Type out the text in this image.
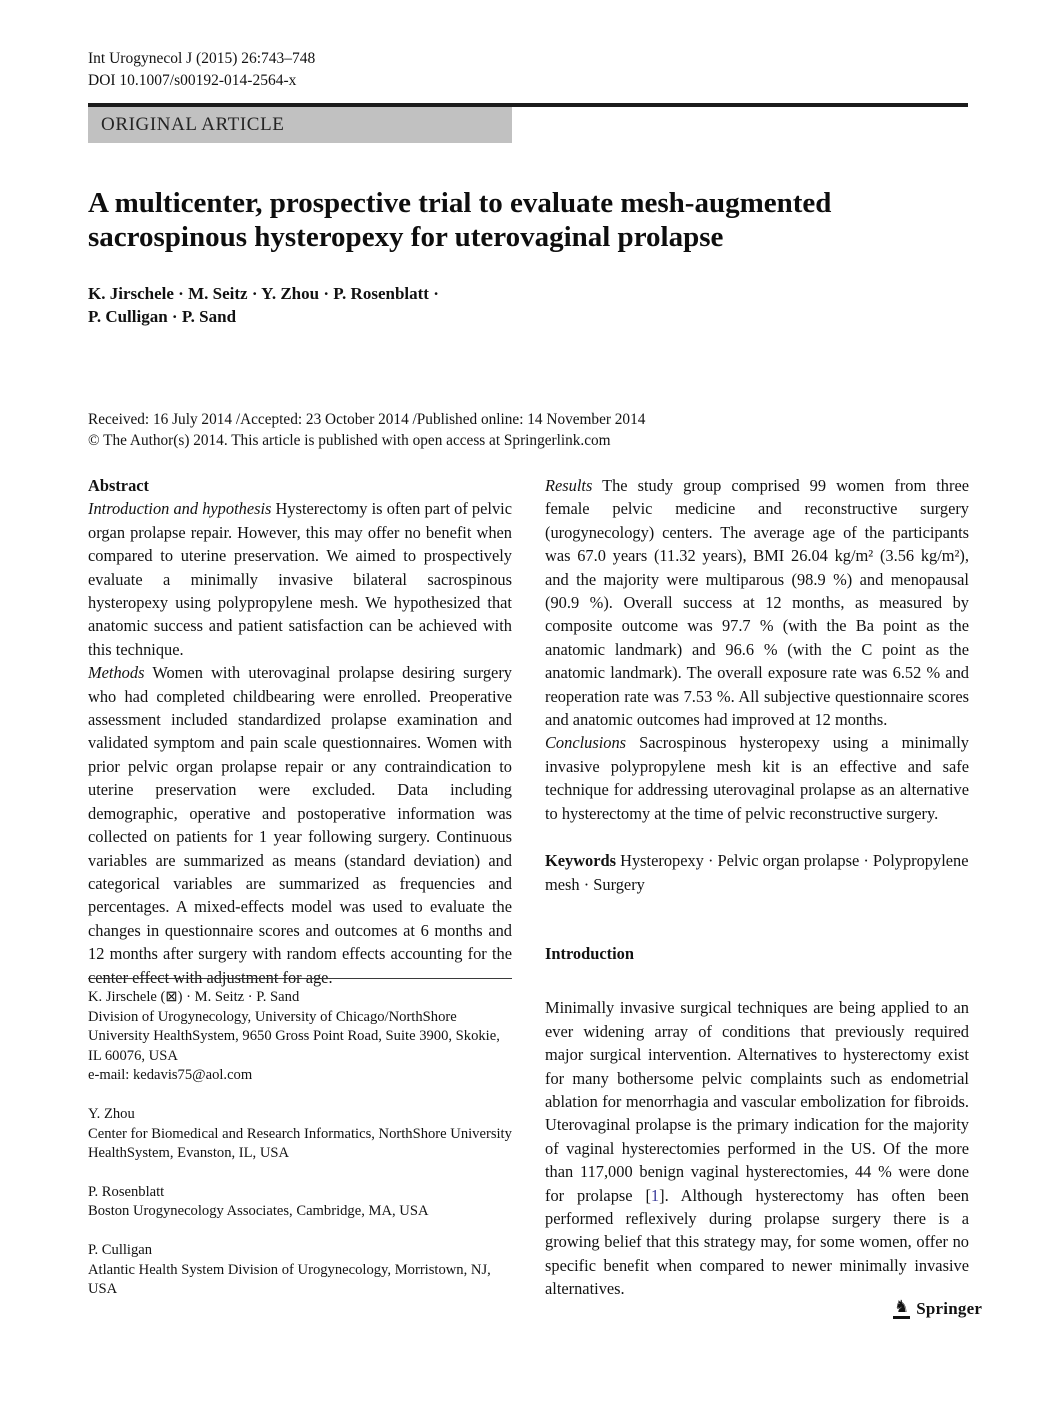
Int Urogynecol J (2015) 26:743–748
DOI 10.1007/s00192-014-2564-x
ORIGINAL ARTICLE
A multicenter, prospective trial to evaluate mesh-augmented
sacrospinous hysteropexy for uterovaginal prolapse
K. Jirschele · M. Seitz · Y. Zhou · P. Rosenblatt ·
P. Culligan · P. Sand
Received: 16 July 2014 /Accepted: 23 October 2014 /Published online: 14 November 2014
© The Author(s) 2014. This article is published with open access at Springerlink.com

Abstract

Introduction and hypothesis Hysterectomy is often part of pelvic organ prolapse repair. However, this may offer no benefit when compared to uterine preservation. We aimed to prospectively evaluate a minimally invasive bilateral sacrospinous hysteropexy using polypropylene mesh. We hypothesized that anatomic success and patient satisfaction can be achieved with this technique.

Methods Women with uterovaginal prolapse desiring surgery who had completed childbearing were enrolled. Preoperative assessment included standardized prolapse examination and validated symptom and pain scale questionnaires. Women with prior pelvic organ prolapse repair or any contraindication to uterine preservation were excluded. Data including demographic, operative and postoperative information was collected on patients for 1 year following surgery. Continuous variables are summarized as means (standard deviation) and categorical variables are summarized as frequencies and percentages. A mixed-effects model was used to evaluate the changes in questionnaire scores and outcomes at 6 months and 12 months after surgery with random effects accounting for the center effect with adjustment for age.

Results The study group comprised 99 women from three female pelvic medicine and reconstructive surgery (urogynecology) centers. The average age of the participants was 67.0 years (11.32 years), BMI 26.04 kg/m² (3.56 kg/m²), and the majority were multiparous (98.9 %) and menopausal (90.9 %). Overall success at 12 months, as measured by composite outcome was 97.7 % (with the Ba point as the anatomic landmark) and 96.6 % (with the C point as the anatomic landmark). The overall exposure rate was 6.52 % and reoperation rate was 7.53 %. All subjective questionnaire scores and anatomic outcomes had improved at 12 months.

Conclusions Sacrospinous hysteropexy using a minimally invasive polypropylene mesh kit is an effective and safe technique for addressing uterovaginal prolapse as an alternative to hysterectomy at the time of pelvic reconstructive surgery.

Keywords Hysteropexy · Pelvic organ prolapse · Polypropylene mesh · Surgery

Introduction

Minimally invasive surgical techniques are being applied to an ever widening array of conditions that previously required major surgical intervention. Alternatives to hysterectomy exist for many bothersome pelvic complaints such as endometrial ablation for menorrhagia and vascular embolization for fibroids. Uterovaginal prolapse is the primary indication for the majority of vaginal hysterectomies performed in the US. Of the more than 117,000 benign vaginal hysterectomies, 44 % were done for prolapse [1]. Although hysterectomy has often been performed reflexively during prolapse surgery there is a growing belief that this strategy may, for some women, offer no specific benefit when compared to newer minimally invasive alternatives.

K. Jirschele (⊠) · M. Seitz · P. Sand
Division of Urogynecology, University of Chicago/NorthShore University HealthSystem, 9650 Gross Point Road, Suite 3900, Skokie, IL 60076, USA
e-mail: kedavis75@aol.com
Y. Zhou
Center for Biomedical and Research Informatics, NorthShore University HealthSystem, Evanston, IL, USA
P. Rosenblatt
Boston Urogynecology Associates, Cambridge, MA, USA
P. Culligan
Atlantic Health System Division of Urogynecology, Morristown, NJ, USA
♞ Springer
